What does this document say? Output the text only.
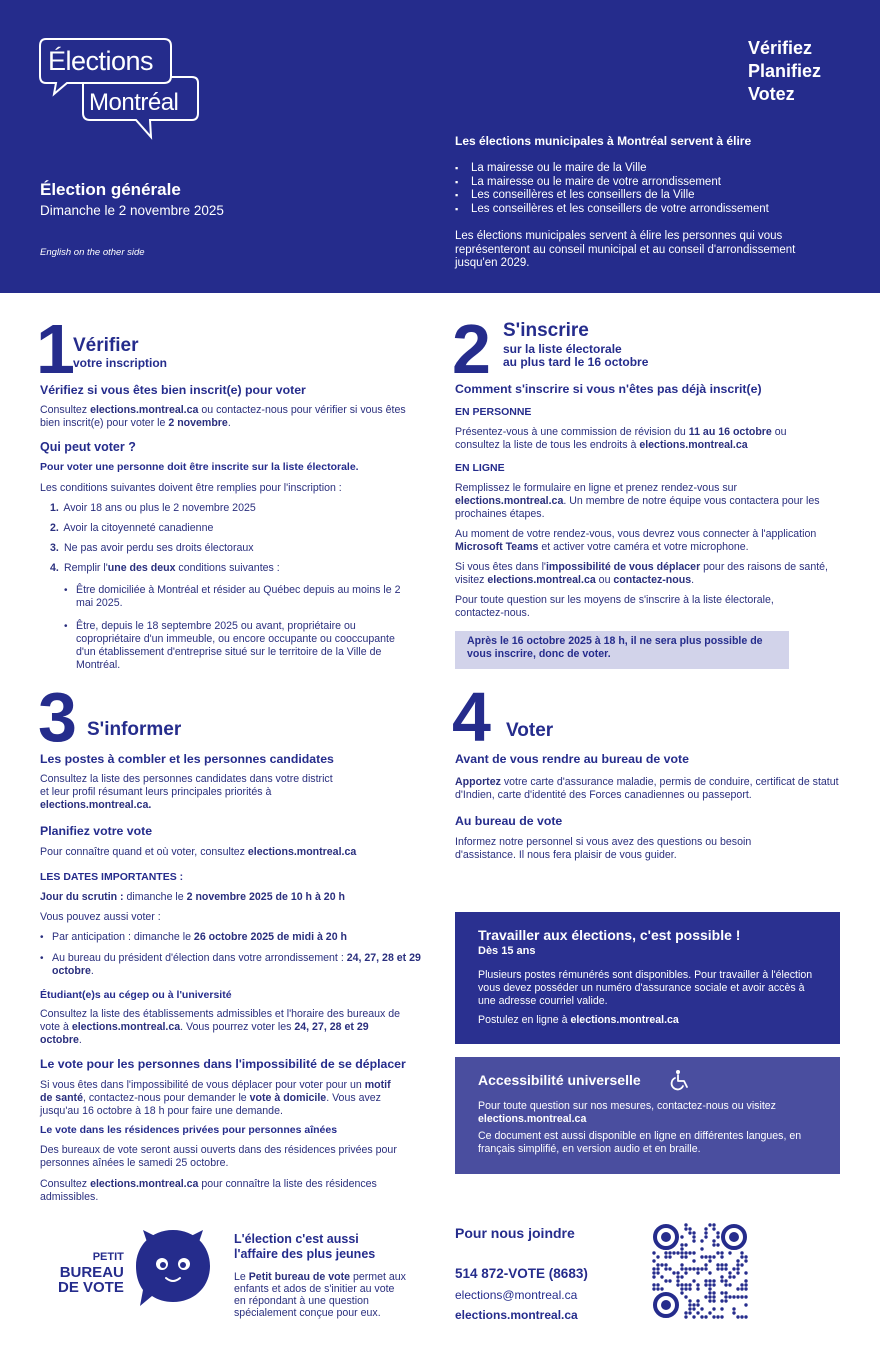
Élections
Montréal
Élection générale
Dimanche le 2 novembre 2025
English on the other side
Vérifiez
Planifiez
Votez
Les élections municipales à Montréal servent à élire
▪ La mairesse ou le maire de la Ville
▪ La mairesse ou le maire de votre arrondissement
▪ Les conseillères et les conseillers de la Ville
▪ Les conseillères et les conseillers de votre arrondissement
Les élections municipales servent à élire les personnes qui vous représenteront au conseil municipal et au conseil d'arrondissement jusqu'en 2029.
1
Vérifier
votre inscription
Vérifiez si vous êtes bien inscrit(e) pour voter
Consultez elections.montreal.ca ou contactez-nous pour vérifier si vous êtes bien inscrit(e) pour voter le 2 novembre.
Qui peut voter ?
Pour voter une personne doit être inscrite sur la liste électorale.
Les conditions suivantes doivent être remplies pour l'inscription :
1. Avoir 18 ans ou plus le 2 novembre 2025
2. Avoir la citoyenneté canadienne
3. Ne pas avoir perdu ses droits électoraux
4. Remplir l'une des deux conditions suivantes :
• Être domiciliée à Montréal et résider au Québec depuis au moins le 2 mai 2025.
• Être, depuis le 18 septembre 2025 ou avant, propriétaire ou copropriétaire d'un immeuble, ou encore occupante ou cooccupante d'un établissement d'entreprise situé sur le territoire de la Ville de Montréal.
2 S'inscrire
sur la liste électorale
au plus tard le 16 octobre
Comment s'inscrire si vous n'êtes pas déjà inscrit(e)
EN PERSONNE
Présentez-vous à une commission de révision du 11 au 16 octobre ou consultez la liste de tous les endroits à elections.montreal.ca
EN LIGNE
Remplissez le formulaire en ligne et prenez rendez-vous sur elections.montreal.ca. Un membre de notre équipe vous contactera pour les prochaines étapes.
Au moment de votre rendez-vous, vous devrez vous connecter à l'application Microsoft Teams et activer votre caméra et votre microphone.
Si vous êtes dans l'impossibilité de vous déplacer pour des raisons de santé, visitez elections.montreal.ca ou contactez-nous.
Pour toute question sur les moyens de s'inscrire à la liste électorale, contactez-nous.
Après le 16 octobre 2025 à 18 h, il ne sera plus possible de vous inscrire, donc de voter.
3 S'informer
Les postes à combler et les personnes candidates
Consultez la liste des personnes candidates dans votre district et leur profil résumant leurs principales priorités à elections.montreal.ca.
Planifiez votre vote
Pour connaître quand et où voter, consultez elections.montreal.ca
LES DATES IMPORTANTES :
Jour du scrutin : dimanche le 2 novembre 2025 de 10 h à 20 h
Vous pouvez aussi voter :
• Par anticipation : dimanche le 26 octobre 2025 de midi à 20 h
• Au bureau du président d'élection dans votre arrondissement : 24, 27, 28 et 29 octobre.
Étudiant(e)s au cégep ou à l'université
Consultez la liste des établissements admissibles et l'horaire des bureaux de vote à elections.montreal.ca. Vous pourrez voter les 24, 27, 28 et 29 octobre.
Le vote pour les personnes dans l'impossibilité de se déplacer
Si vous êtes dans l'impossibilité de vous déplacer pour voter pour un motif de santé, contactez-nous pour demander le vote à domicile. Vous avez jusqu'au 16 octobre à 18 h pour faire une demande.
Le vote dans les résidences privées pour personnes aînées
Des bureaux de vote seront aussi ouverts dans des résidences privées pour personnes aînées le samedi 25 octobre.
Consultez elections.montreal.ca pour connaître la liste des résidences admissibles.
4 Voter
Avant de vous rendre au bureau de vote
Apportez votre carte d'assurance maladie, permis de conduire, certificat de statut d'Indien, carte d'identité des Forces canadiennes ou passeport.
Au bureau de vote
Informez notre personnel si vous avez des questions ou besoin d'assistance. Il nous fera plaisir de vous guider.
Travailler aux élections, c'est possible !
Dès 15 ans
Plusieurs postes rémunérés sont disponibles. Pour travailler à l'élection vous devez posséder un numéro d'assurance sociale et avoir accès à une adresse courriel valide.
Postulez en ligne à elections.montreal.ca
Accessibilité universelle
Pour toute question sur nos mesures, contactez-nous ou visitez elections.montreal.ca
Ce document est aussi disponible en ligne en différentes langues, en français simplifié, en version audio et en braille.
PETIT
BUREAU
DE VOTE
L'élection c'est aussi
l'affaire des plus jeunes
Le Petit bureau de vote permet aux enfants et ados de s'initier au vote en répondant à une question spécialement conçue pour eux.
Pour nous joindre
514 872-VOTE (8683)
elections@montreal.ca
elections.montreal.ca
